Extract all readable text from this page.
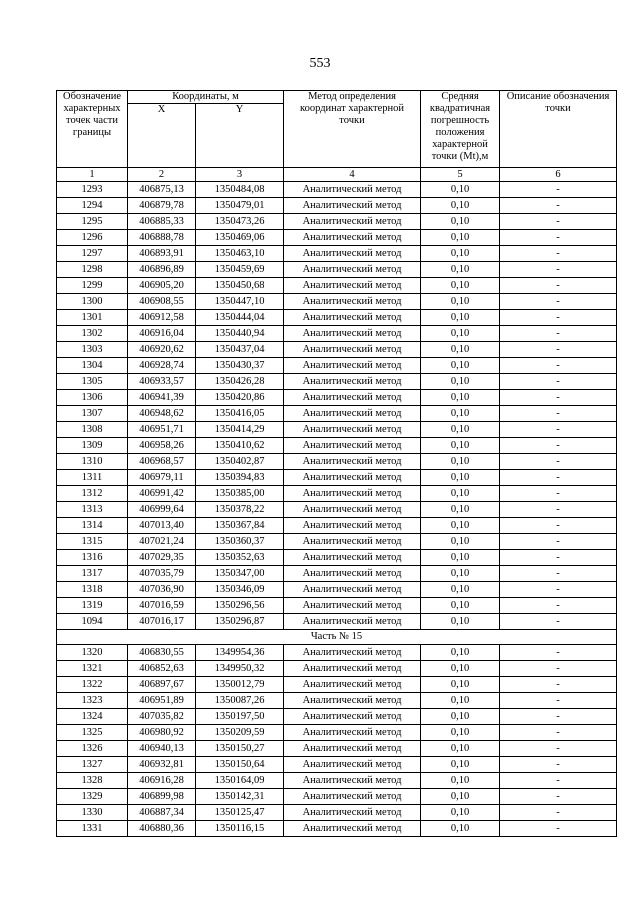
553
Обозначение характерных точек части границы	Координаты, м		Метод определения координат характерной точки	Средняя квадратичная погрешность положения характерной точки (Mt),м	Описание обозначения точки
	X	Y			
1	2	3	4	5	6
1293	406875,13	1350484,08	Аналитический метод	0,10	-
1294	406879,78	1350479,01	Аналитический метод	0,10	-
1295	406885,33	1350473,26	Аналитический метод	0,10	-
1296	406888,78	1350469,06	Аналитический метод	0,10	-
1297	406893,91	1350463,10	Аналитический метод	0,10	-
1298	406896,89	1350459,69	Аналитический метод	0,10	-
1299	406905,20	1350450,68	Аналитический метод	0,10	-
1300	406908,55	1350447,10	Аналитический метод	0,10	-
1301	406912,58	1350444,04	Аналитический метод	0,10	-
1302	406916,04	1350440,94	Аналитический метод	0,10	-
1303	406920,62	1350437,04	Аналитический метод	0,10	-
1304	406928,74	1350430,37	Аналитический метод	0,10	-
1305	406933,57	1350426,28	Аналитический метод	0,10	-
1306	406941,39	1350420,86	Аналитический метод	0,10	-
1307	406948,62	1350416,05	Аналитический метод	0,10	-
1308	406951,71	1350414,29	Аналитический метод	0,10	-
1309	406958,26	1350410,62	Аналитический метод	0,10	-
1310	406968,57	1350402,87	Аналитический метод	0,10	-
1311	406979,11	1350394,83	Аналитический метод	0,10	-
1312	406991,42	1350385,00	Аналитический метод	0,10	-
1313	406999,64	1350378,22	Аналитический метод	0,10	-
1314	407013,40	1350367,84	Аналитический метод	0,10	-
1315	407021,24	1350360,37	Аналитический метод	0,10	-
1316	407029,35	1350352,63	Аналитический метод	0,10	-
1317	407035,79	1350347,00	Аналитический метод	0,10	-
1318	407036,90	1350346,09	Аналитический метод	0,10	-
1319	407016,59	1350296,56	Аналитический метод	0,10	-
1094	407016,17	1350296,87	Аналитический метод	0,10	-
Часть № 15					
1320	406830,55	1349954,36	Аналитический метод	0,10	-
1321	406852,63	1349950,32	Аналитический метод	0,10	-
1322	406897,67	1350012,79	Аналитический метод	0,10	-
1323	406951,89	1350087,26	Аналитический метод	0,10	-
1324	407035,82	1350197,50	Аналитический метод	0,10	-
1325	406980,92	1350209,59	Аналитический метод	0,10	-
1326	406940,13	1350150,27	Аналитический метод	0,10	-
1327	406932,81	1350150,64	Аналитический метод	0,10	-
1328	406916,28	1350164,09	Аналитический метод	0,10	-
1329	406899,98	1350142,31	Аналитический метод	0,10	-
1330	406887,34	1350125,47	Аналитический метод	0,10	-
1331	406880,36	1350116,15	Аналитический метод	0,10	-
